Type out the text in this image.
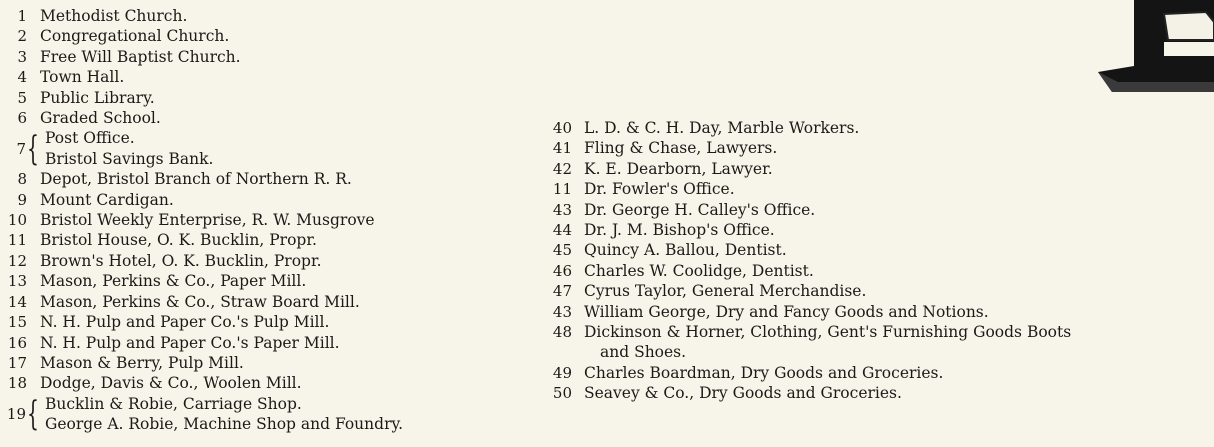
1 Methodist Church.
2 Congregational Church.
3 Free Will Baptist Church.
4 Town Hall.
5 Public Library.
6 Graded School.
7 { Post Office.
Bristol Savings Bank.
8 Depot, Bristol Branch of Northern R. R.
9 Mount Cardigan.
10 Bristol Weekly Enterprise, R. W. Musgrove
11 Bristol House, O. K. Bucklin, Propr.
12 Brown's Hotel, O. K. Bucklin, Propr.
13 Mason, Perkins & Co., Paper Mill.
14 Mason, Perkins & Co., Straw Board Mill.
15 N. H. Pulp and Paper Co.'s Pulp Mill.
16 N. H. Pulp and Paper Co.'s Paper Mill.
17 Mason & Berry, Pulp Mill.
18 Dodge, Davis & Co., Woolen Mill.
19 { Bucklin & Robie, Carriage Shop.
George A. Robie, Machine Shop and Foundry.
40 L. D. & C. H. Day, Marble Workers.
41 Fling & Chase, Lawyers.
42 K. E. Dearborn, Lawyer.
11 Dr. Fowler's Office.
43 Dr. George H. Calley's Office.
44 Dr. J. M. Bishop's Office.
45 Quincy A. Ballou, Dentist.
46 Charles W. Coolidge, Dentist.
47 Cyrus Taylor, General Merchandise.
43 William George, Dry and Fancy Goods and Notions.
48 Dickinson & Horner, Clothing, Gent's Furnishing Goods Boots
and Shoes.
49 Charles Boardman, Dry Goods and Groceries.
50 Seavey & Co., Dry Goods and Groceries.
